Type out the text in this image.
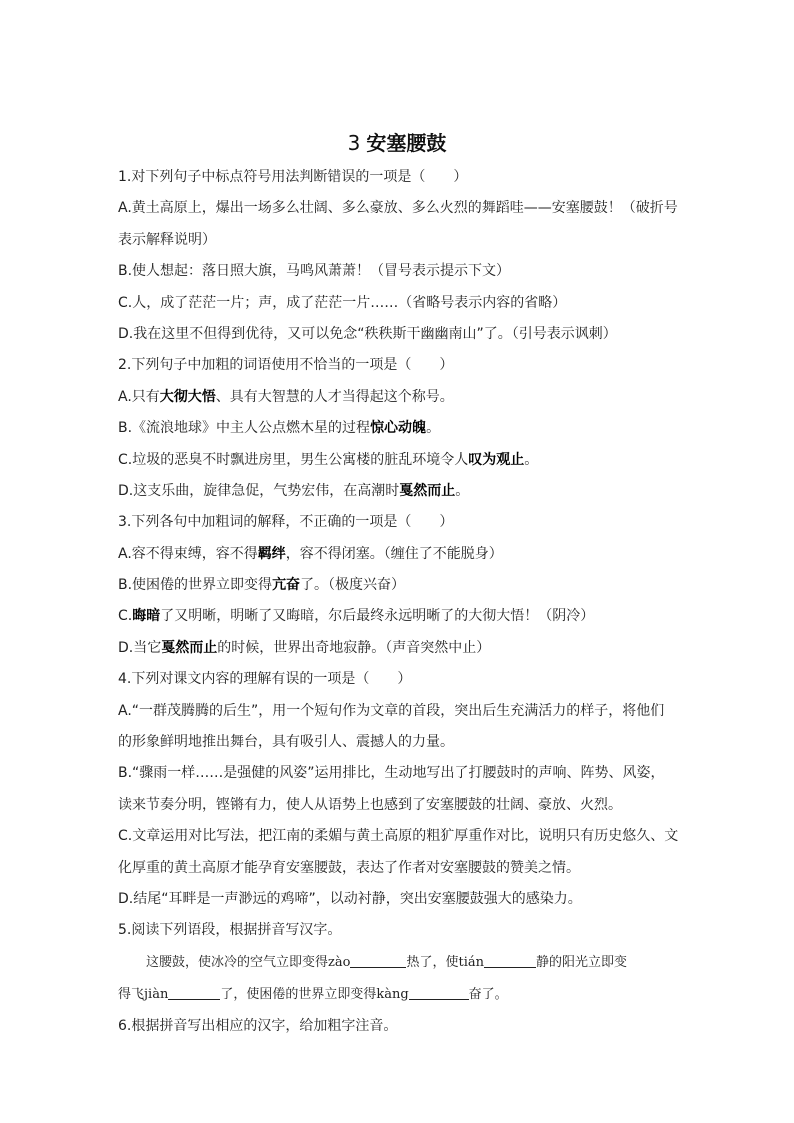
3 安塞腰鼓
1.对下列句子中标点符号用法判断错误的一项是（　　）
A.黄土高原上，爆出一场多么壮阔、多么豪放、多么火烈的舞蹈哇——安塞腰鼓！（破折号
表示解释说明）
B.使人想起：落日照大旗，马鸣风萧萧！（冒号表示提示下文）
C.人，成了茫茫一片；声，成了茫茫一片……（省略号表示内容的省略）
D.我在这里不但得到优待，又可以免念“秩秩斯干幽幽南山”了。（引号表示讽刺）
2.下列句子中加粗的词语使用不恰当的一项是（　　）
A.只有大彻大悟、具有大智慧的人才当得起这个称号。
B.《流浪地球》中主人公点燃木星的过程惊心动魄。
C.垃圾的恶臭不时飘进房里，男生公寓楼的脏乱环境令人叹为观止。
D.这支乐曲，旋律急促，气势宏伟，在高潮时戛然而止。
3.下列各句中加粗词的解释，不正确的一项是（　　）
A.容不得束缚，容不得羁绊，容不得闭塞。（缠住了不能脱身）
B.使困倦的世界立即变得亢奋了。（极度兴奋）
C.晦暗了又明晰，明晰了又晦暗，尔后最终永远明晰了的大彻大悟！（阴冷）
D.当它戛然而止的时候，世界出奇地寂静。（声音突然中止）
4.下列对课文内容的理解有误的一项是（　　）
A.“一群茂腾腾的后生”，用一个短句作为文章的首段，突出后生充满活力的样子，将他们
的形象鲜明地推出舞台，具有吸引人、震撼人的力量。
B.“骤雨一样……是强健的风姿”运用排比，生动地写出了打腰鼓时的声响、阵势、风姿，
读来节奏分明，铿锵有力，使人从语势上也感到了安塞腰鼓的壮阔、豪放、火烈。
C.文章运用对比写法，把江南的柔媚与黄土高原的粗犷厚重作对比，说明只有历史悠久、文
化厚重的黄土高原才能孕育安塞腰鼓，表达了作者对安塞腰鼓的赞美之情。
D.结尾“耳畔是一声渺远的鸡啼”，以动衬静，突出安塞腰鼓强大的感染力。
5.阅读下列语段，根据拼音写汉字。
这腰鼓，使冰冷的空气立即变得zào	热了，使tián	静的阳光立即变
得飞jiàn	了，使困倦的世界立即变得kàng	奋了。
6.根据拼音写出相应的汉字，给加粗字注音。
